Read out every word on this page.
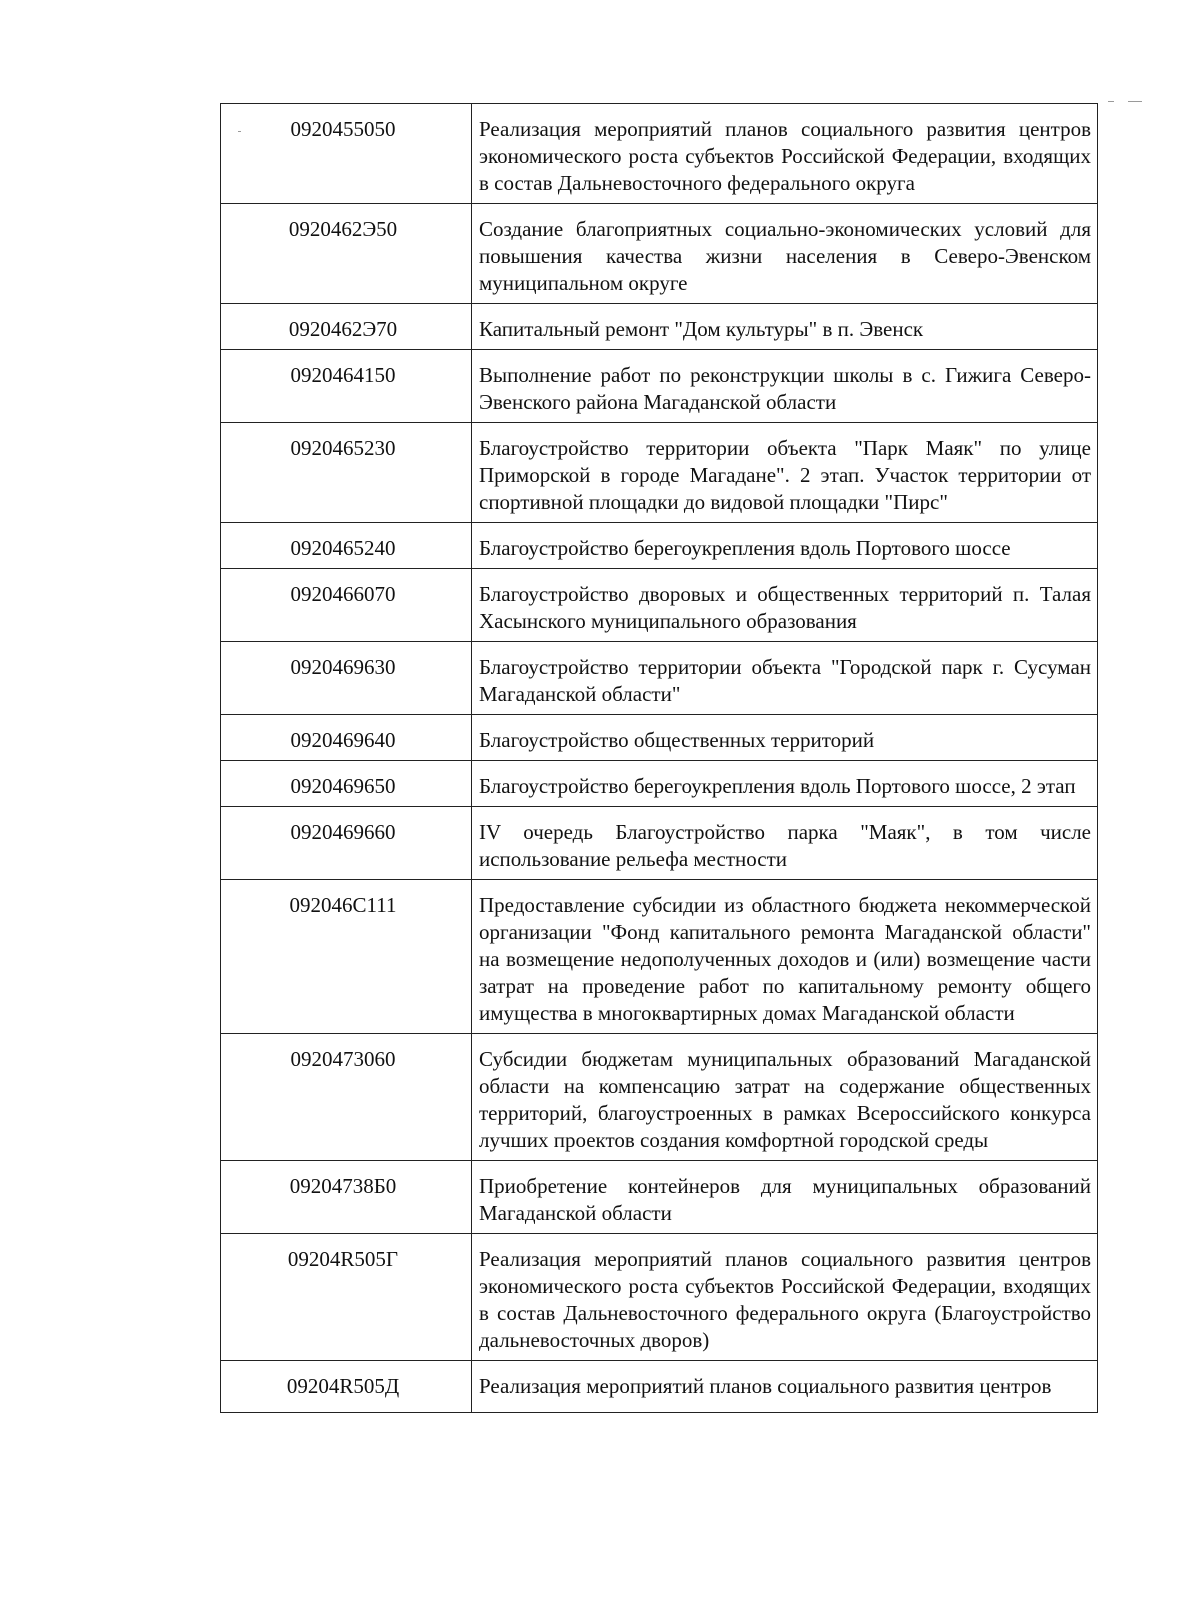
0920455050	Реализация мероприятий планов социального развития центров экономического роста субъектов Российской Федерации, входящих в состав Дальневосточного федерального округа
0920462Э50	Создание благоприятных социально-экономических условий для повышения качества жизни населения в Северо-Эвенском муниципальном округе
0920462Э70	Капитальный ремонт "Дом культуры" в п. Эвенск
0920464150	Выполнение работ по реконструкции школы в с. Гижига Северо-Эвенского района Магаданской области
0920465230	Благоустройство территории объекта "Парк Маяк" по улице Приморской в городе Магадане". 2 этап. Участок территории от спортивной площадки до видовой площадки "Пирс"
0920465240	Благоустройство берегоукрепления вдоль Портового шоссе
0920466070	Благоустройство дворовых и общественных территорий п. Талая Хасынского муниципального образования
0920469630	Благоустройство территории объекта "Городской парк г. Сусуман Магаданской области"
0920469640	Благоустройство общественных территорий
0920469650	Благоустройство берегоукрепления вдоль Портового шоссе, 2 этап
0920469660	IV очередь Благоустройство парка "Маяк", в том числе использование рельефа местности
092046С111	Предоставление субсидии из областного бюджета некоммерческой организации "Фонд капитального ремонта Магаданской области" на возмещение недополученных доходов и (или) возмещение части затрат на проведение работ по капитальному ремонту общего имущества в многоквартирных домах Магаданской области
0920473060	Субсидии бюджетам муниципальных образований Магаданской области на компенсацию затрат на содержание общественных территорий, благоустроенных в рамках Всероссийского конкурса лучших проектов создания комфортной городской среды
09204738Б0	Приобретение контейнеров для муниципальных образований Магаданской области
09204R505Г	Реализация мероприятий планов социального развития центров экономического роста субъектов Российской Федерации, входящих в состав Дальневосточного федерального округа (Благоустройство дальневосточных дворов)
09204R505Д	Реализация мероприятий планов социального развития центров
